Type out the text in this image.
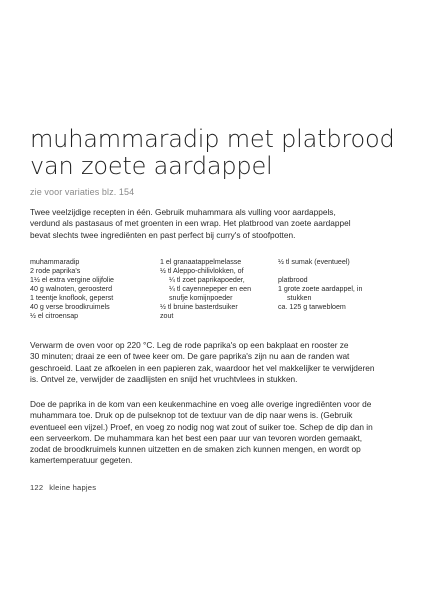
muhammaradip met platbrood
van zoete aardappel
zie voor variaties blz. 154
Twee veelzijdige recepten in één. Gebruik muhammara als vulling voor aardappels,
verdund als pastasaus of met groenten in een wrap. Het platbrood van zoete aardappel
bevat slechts twee ingrediënten en past perfect bij curry's of stoofpotten.
muhammaradip
2 rode paprika's
1½ el extra vergine olijfolie
40 g walnoten, geroosterd
1 teentje knoflook, geperst
40 g verse broodkruimels
½ el citroensap
1 el granaatappelmelasse
½ tl Aleppo-chilivlokken, of
¼ tl zoet paprikapoeder,
¼ tl cayennepeper en een
snufje komijnpoeder
½ tl bruine basterdsuiker
zout
½ tl sumak (eventueel)
platbrood
1 grote zoete aardappel, in
stukken
ca. 125 g tarwebloem
Verwarm de oven voor op 220 °C. Leg de rode paprika's op een bakplaat en rooster ze
30 minuten; draai ze een of twee keer om. De gare paprika's zijn nu aan de randen wat
geschroeid. Laat ze afkoelen in een papieren zak, waardoor het vel makkelijker te verwijderen
is. Ontvel ze, verwijder de zaadlijsten en snijd het vruchtvlees in stukken.
Doe de paprika in de kom van een keukenmachine en voeg alle overige ingrediënten voor de
muhammara toe. Druk op de pulseknop tot de textuur van de dip naar wens is. (Gebruik
eventueel een vijzel.) Proef, en voeg zo nodig nog wat zout of suiker toe. Schep de dip dan in
een serveerkom. De muhammara kan het best een paar uur van tevoren worden gemaakt,
zodat de broodkruimels kunnen uitzetten en de smaken zich kunnen mengen, en wordt op
kamertemperatuur gegeten.
122 kleine hapjes
